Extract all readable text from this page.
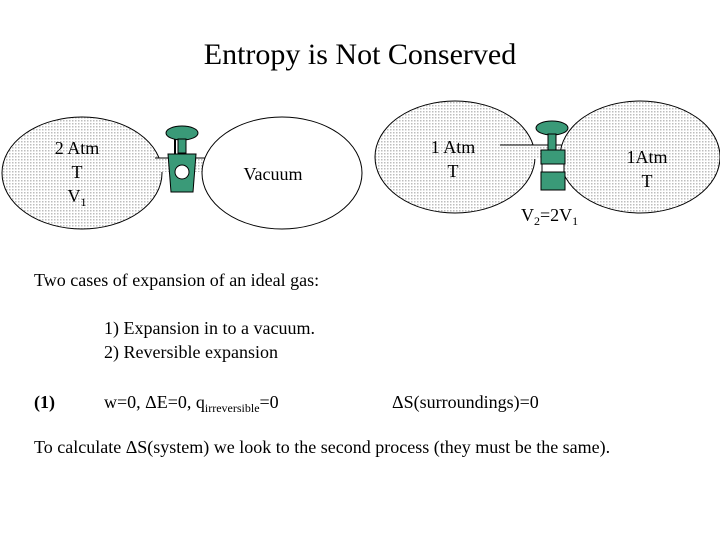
Entropy is Not Conserved
2 Atm
T
$V_1$
Vacuum
1 Atm
T
1Atm
T
$V_2=2V_1$
Two cases of expansion of an ideal gas:
1) Expansion in to a vacuum.
2) Reversible expansion
(1)	w=0, ΔE=0, $q_{irreversible}=0$	ΔS(surroundings)=0
To calculate ΔS(system) we look to the second process (they must be the same).
